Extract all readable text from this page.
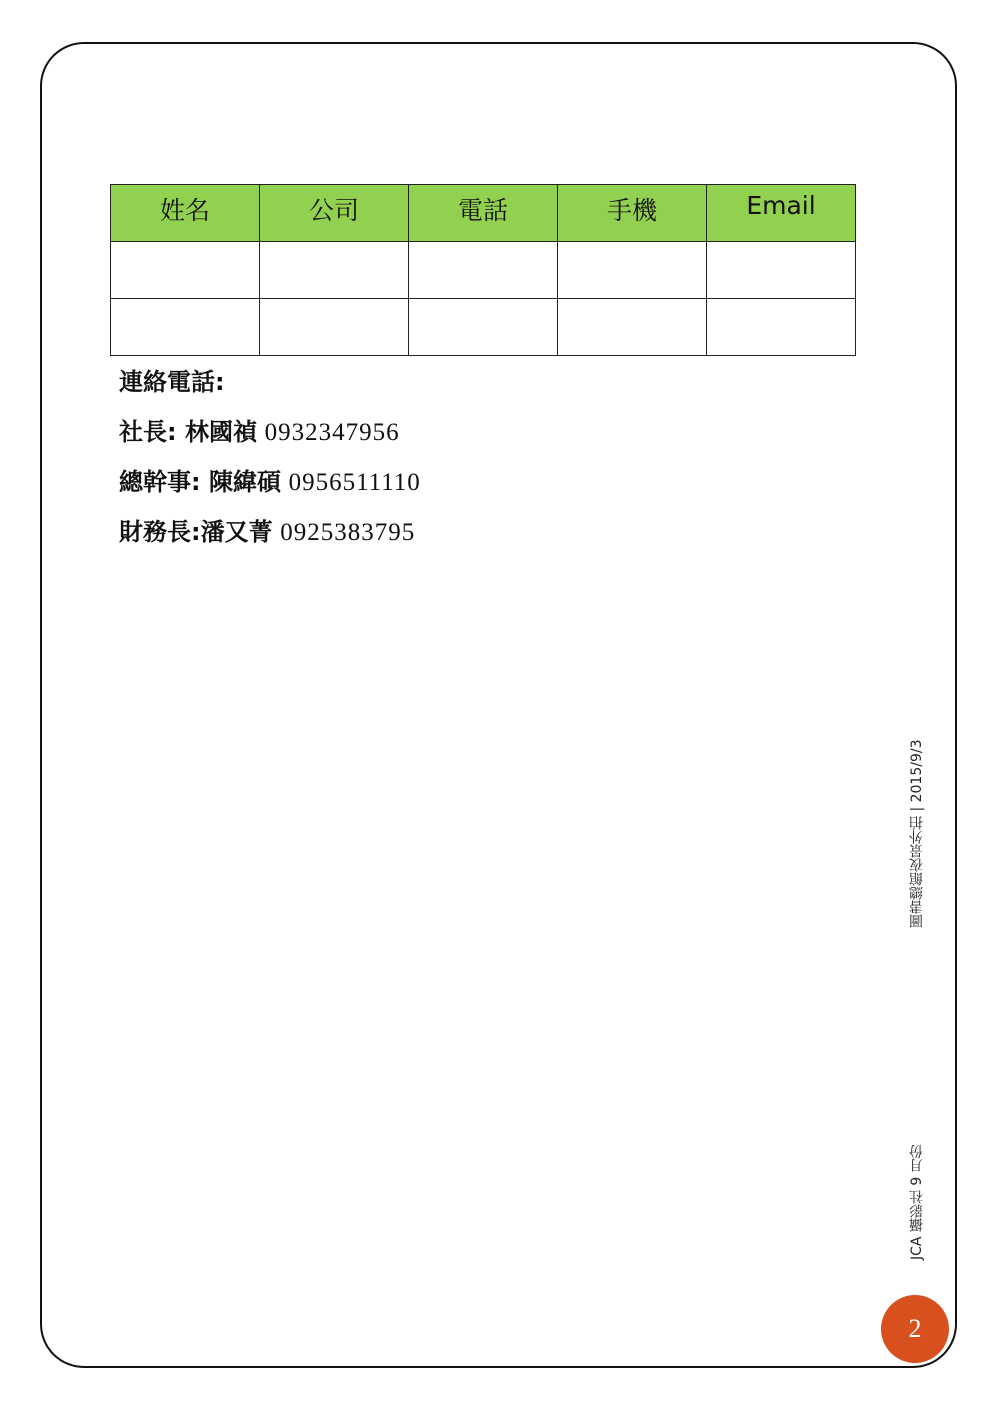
姓名	公司	電話	手機	Email

連絡電話:
社長: 林國禎 0932347956
總幹事: 陳緯碩 0956511110
財務長:潘又菁 0925383795
圖書總館夜景外拍 | 2015/9/3
JCA 攝影社 9 月份
2
